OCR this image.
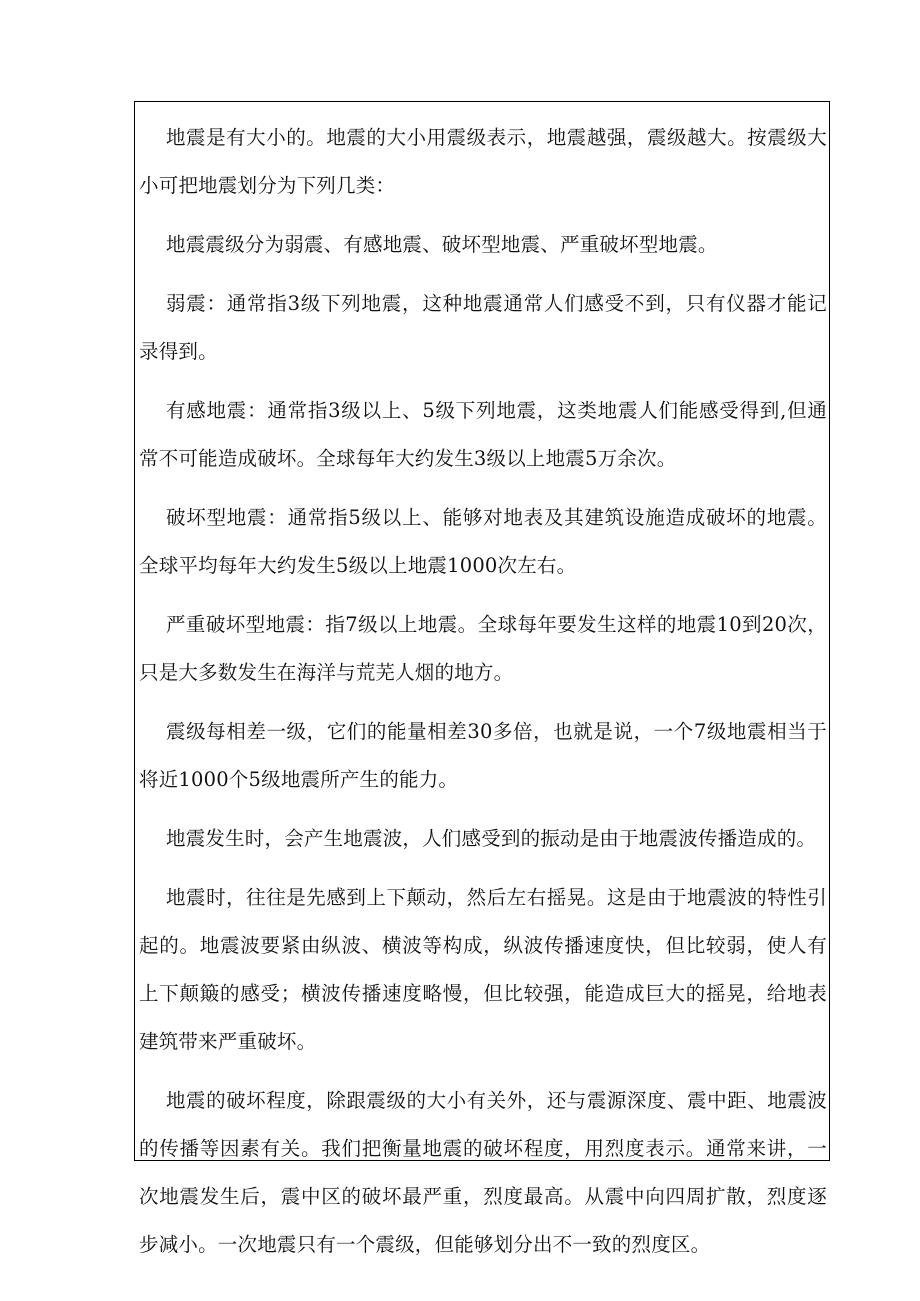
地震是有大小的。地震的大小用震级表示，地震越强，震级越大。按震级大小可把地震划分为下列几类：

地震震级分为弱震、有感地震、破坏型地震、严重破坏型地震。

弱震：通常指3级下列地震，这种地震通常人们感受不到，只有仪器才能记录得到。

有感地震：通常指3级以上、5级下列地震，这类地震人们能感受得到,但通常不可能造成破坏。全球每年大约发生3级以上地震5万余次。

破坏型地震：通常指5级以上、能够对地表及其建筑设施造成破坏的地震。全球平均每年大约发生5级以上地震1000次左右。

严重破坏型地震：指7级以上地震。全球每年要发生这样的地震10到20次，只是大多数发生在海洋与荒芜人烟的地方。

震级每相差一级，它们的能量相差30多倍，也就是说，一个7级地震相当于将近1000个5级地震所产生的能力。

地震发生时，会产生地震波，人们感受到的振动是由于地震波传播造成的。

地震时，往往是先感到上下颠动，然后左右摇晃。这是由于地震波的特性引起的。地震波要紧由纵波、横波等构成，纵波传播速度快，但比较弱，使人有上下颠簸的感受；横波传播速度略慢，但比较强，能造成巨大的摇晃，给地表建筑带来严重破坏。

地震的破坏程度，除跟震级的大小有关外，还与震源深度、震中距、地震波的传播等因素有关。我们把衡量地震的破坏程度，用烈度表示。通常来讲，一次地震发生后，震中区的破坏最严重，烈度最高。从震中向四周扩散，烈度逐步减小。一次地震只有一个震级，但能够划分出不一致的烈度区。
